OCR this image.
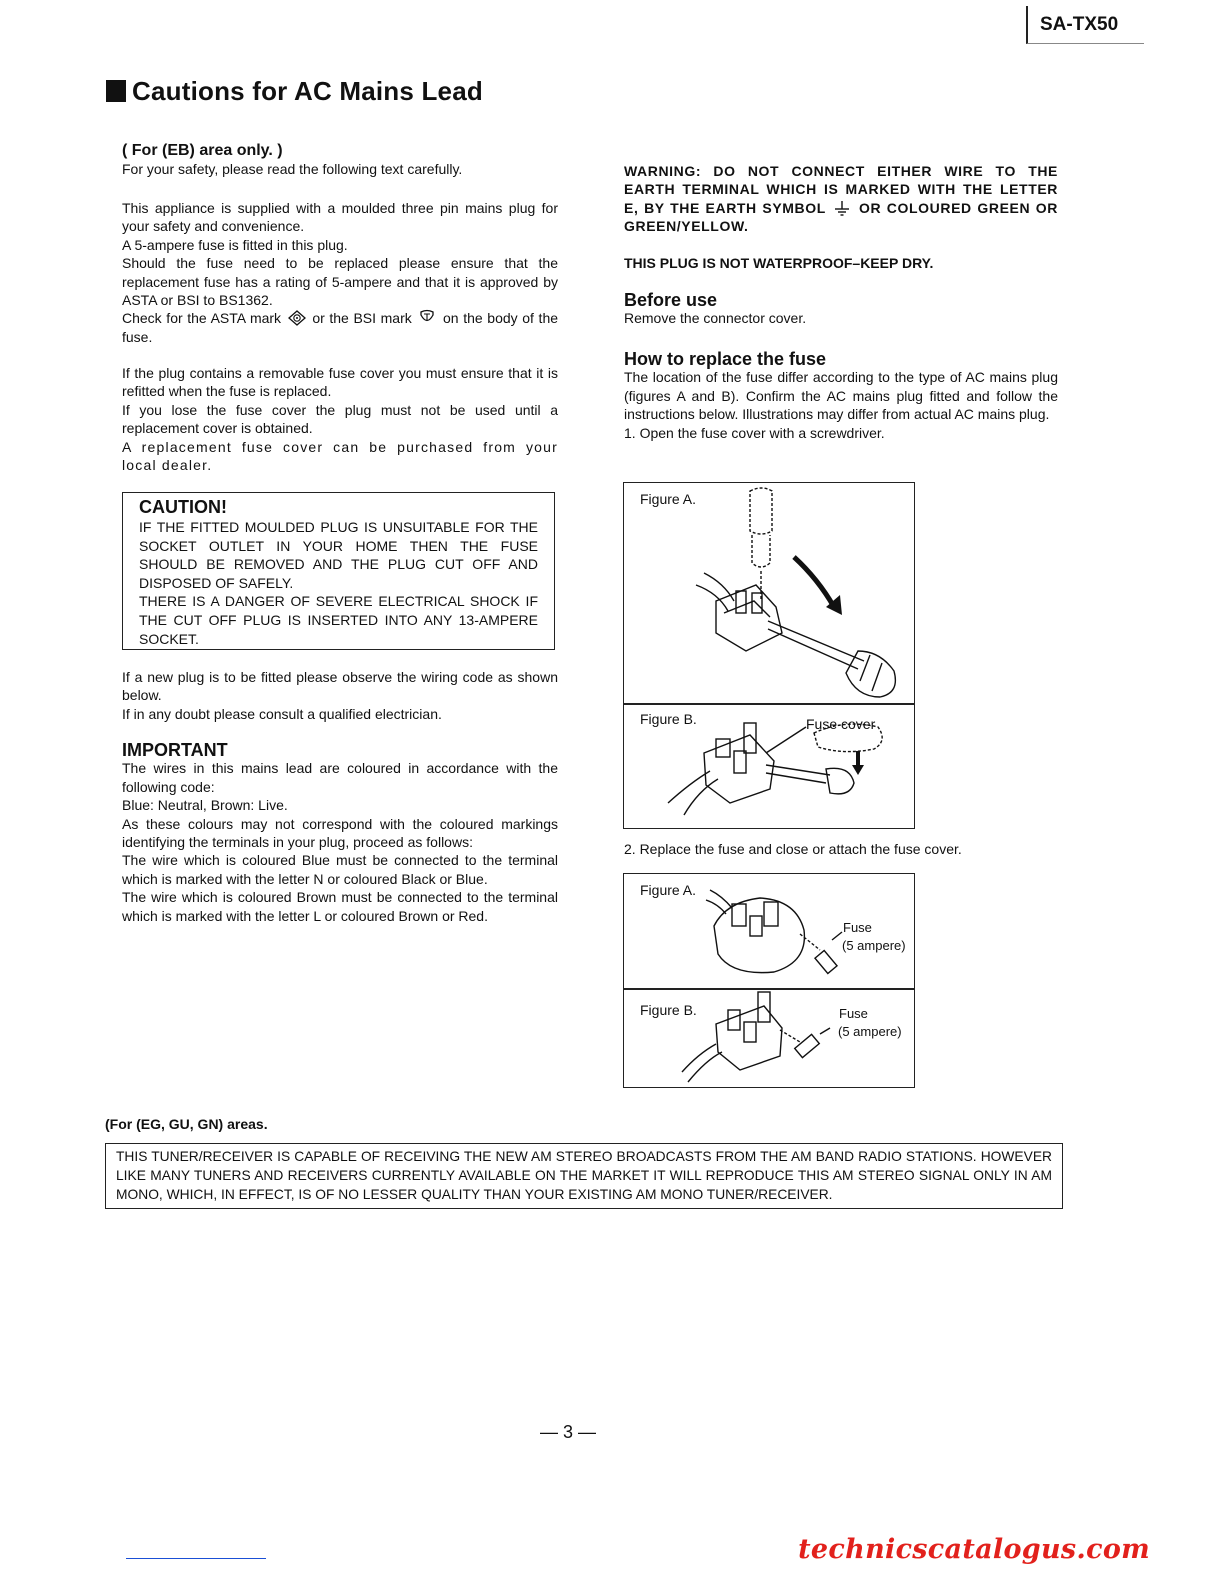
SA-TX50
Cautions for AC Mains Lead
( For (EB) area only. )
For your safety, please read the following text carefully.

This appliance is supplied with a moulded three pin mains plug for your safety and convenience.

A 5-ampere fuse is fitted in this plug.

Should the fuse need to be replaced please ensure that the replacement fuse has a rating of 5-ampere and that it is approved by ASTA or BSI to BS1362.

Check for the ASTA mark or the BSI mark on the body of the fuse.

If the plug contains a removable fuse cover you must ensure that it is refitted when the fuse is replaced.

If you lose the fuse cover the plug must not be used until a replacement cover is obtained.

A replacement fuse cover can be purchased from your local dealer.

CAUTION!

IF THE FITTED MOULDED PLUG IS UNSUITABLE FOR THE SOCKET OUTLET IN YOUR HOME THEN THE FUSE SHOULD BE REMOVED AND THE PLUG CUT OFF AND DISPOSED OF SAFELY.

THERE IS A DANGER OF SEVERE ELECTRICAL SHOCK IF THE CUT OFF PLUG IS INSERTED INTO ANY 13-AMPERE SOCKET.

If a new plug is to be fitted please observe the wiring code as shown below.

If in any doubt please consult a qualified electrician.

IMPORTANT

The wires in this mains lead are coloured in accordance with the following code:

Blue: Neutral, Brown: Live.

As these colours may not correspond with the coloured markings identifying the terminals in your plug, proceed as follows:

The wire which is coloured Blue must be connected to the terminal which is marked with the letter N or coloured Black or Blue.

The wire which is coloured Brown must be connected to the terminal which is marked with the letter L or coloured Brown or Red.

WARNING: DO NOT CONNECT EITHER WIRE TO THE EARTH TERMINAL WHICH IS MARKED WITH THE LETTER E, BY THE EARTH SYMBOL OR COLOURED GREEN OR GREEN/YELLOW.
THIS PLUG IS NOT WATERPROOF–KEEP DRY.
Before use
Remove the connector cover.
How to replace the fuse

The location of the fuse differ according to the type of AC mains plug (figures A and B). Confirm the AC mains plug fitted and follow the instructions below. Illustrations may differ from actual AC mains plug.

1. Open the fuse cover with a screwdriver.

Figure A.
Figure B.	Fuse cover
2. Replace the fuse and close or attach the fuse cover.
Figure A.
Fuse
(5 ampere)
Figure B.	Fuse
(5 ampere)
(For (EG, GU, GN) areas.
THIS TUNER/RECEIVER IS CAPABLE OF RECEIVING THE NEW AM STEREO BROADCASTS FROM THE AM BAND RADIO STATIONS. HOWEVER LIKE MANY TUNERS AND RECEIVERS CURRENTLY AVAILABLE ON THE MARKET IT WILL REPRODUCE THIS AM STEREO SIGNAL ONLY IN AM MONO, WHICH, IN EFFECT, IS OF NO LESSER QUALITY THAN YOUR EXISTING AM MONO TUNER/RECEIVER.
— 3 —
technicscatalogus.com
